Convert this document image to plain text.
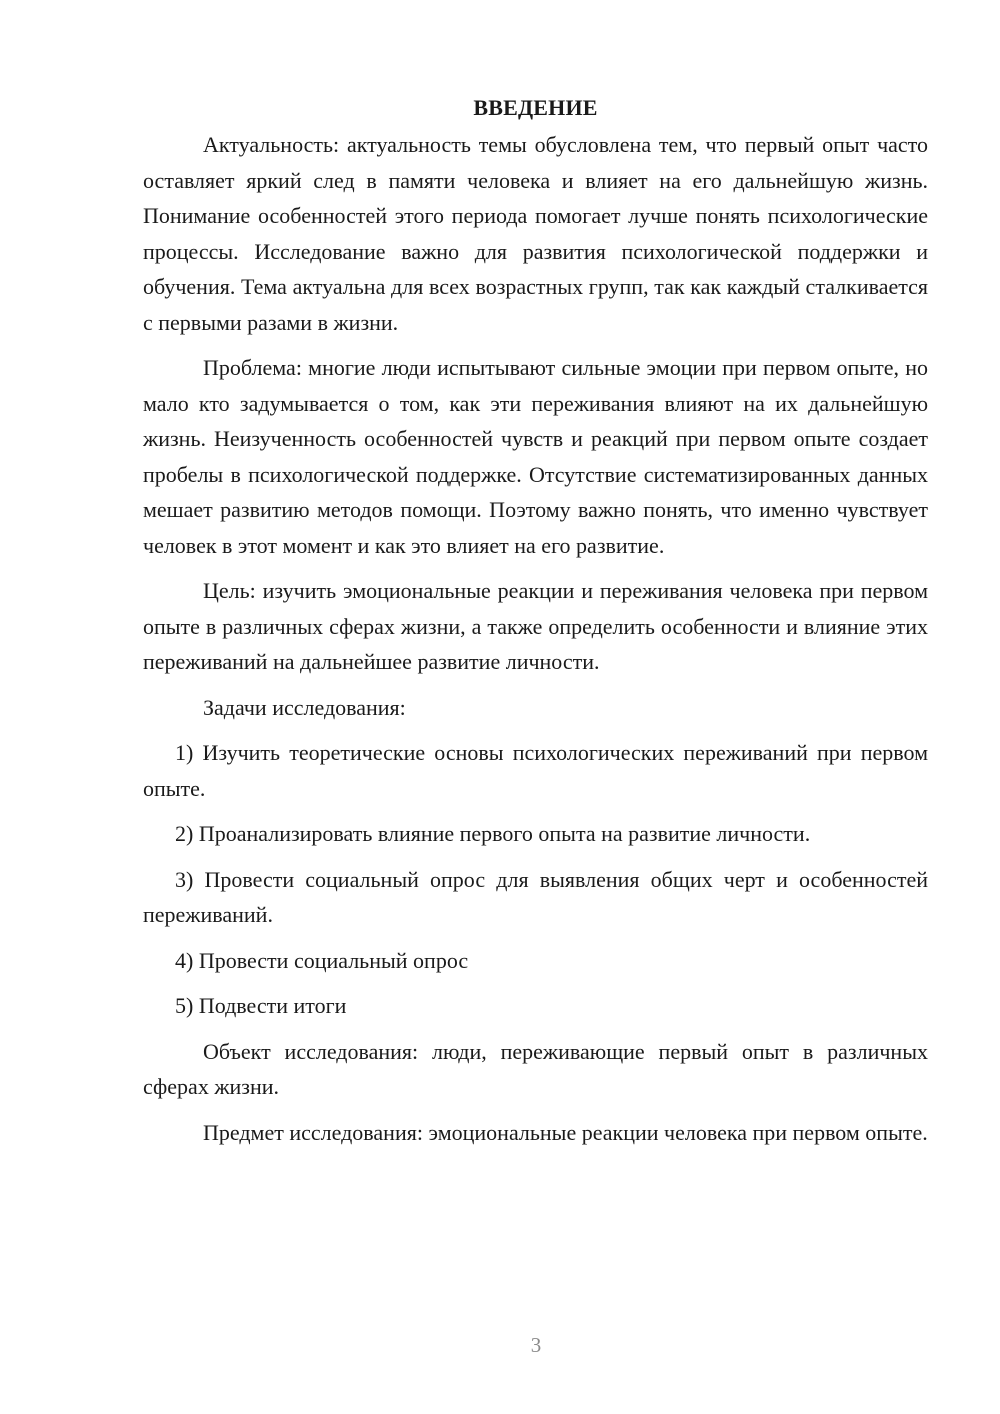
ВВЕДЕНИЕ

Актуальность: актуальность темы обусловлена тем, что первый опыт часто оставляет яркий след в памяти человека и влияет на его дальнейшую жизнь. Понимание особенностей этого периода помогает лучше понять психологические процессы. Исследование важно для развития психологической поддержки и обучения. Тема актуальна для всех возрастных групп, так как каждый сталкивается с первыми разами в жизни.

Проблема: многие люди испытывают сильные эмоции при первом опыте, но мало кто задумывается о том, как эти переживания влияют на их дальнейшую жизнь. Неизученность особенностей чувств и реакций при первом опыте создает пробелы в психологической поддержке. Отсутствие систематизированных данных мешает развитию методов помощи. Поэтому важно понять, что именно чувствует человек в этот момент и как это влияет на его развитие.

Цель: изучить эмоциональные реакции и переживания человека при первом опыте в различных сферах жизни, а также определить особенности и влияние этих переживаний на дальнейшее развитие личности.

Задачи исследования:

1) Изучить теоретические основы психологических переживаний при первом опыте.

2) Проанализировать влияние первого опыта на развитие личности.

3) Провести социальный опрос для выявления общих черт и особенностей переживаний.

4) Провести социальный опрос

5) Подвести итоги

Объект исследования: люди, переживающие первый опыт в различных сферах жизни.

Предмет исследования: эмоциональные реакции человека при первом опыте.

3
